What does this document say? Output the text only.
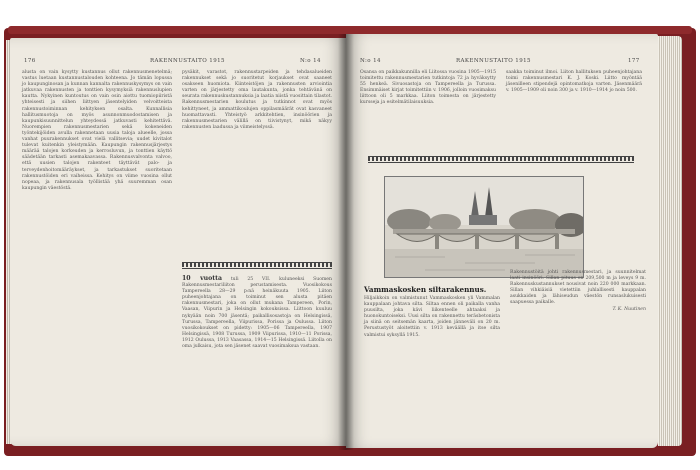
176	RAKENNUSTAITO 1915	N:o 14

alusta on vain kysytty kustannus ollut rakennusmenetelmä; vastus luetaan kustannustalouden kohteena. Jo tämän lopussa jo kaupunginosan ja kunnan kannalta rakennuskysymys on vain jatkuvaa rakennusten ja tonttien kysymyksiä rakennuslupien kautta. Nykyinen kuntoutus on vain osin aiottu tuomiopiiristä yhteisesti ja siihen liittyen jäsentelyiden velvoitteista rakennustoiminnan kehityksen osalta. Kunnallisia hallitusmuotoja on myös asunnonmuodostamisen ja kaupunkisuunnittelun yhteydessä jatkuvasti kehitettävä. Nuorempien rakennusmestarien sekä kokeneiden työntekijöiden avulla rakennetaan uusia taloja alueelle, jossa vanhat puurakennukset ovat vielä vallitsevia; uudet kivitalot tulevat kuitenkin yleistymään. Kaupungin rakennusjärjestys määrää talojen korkeuden ja kerrosluvun, ja tonttien käyttö säädetään tarkasti asemakaavassa. Rakennusvalvonta valvoo, että uusien talojen rakenteet täyttävät palo- ja terveydenhoitomääräykset, ja tarkastukset suoritetaan rakennustöiden eri vaiheissa. Kehitys on viime vuosina ollut nopeaa, ja rakennusala työllistää yhä suuremman osan kaupungin väestöstä.

pysäkit, varastot, rakennustarpeiden ja tehdasalueiden rakennukset sekä jo suoritetut korjaukset ovat saaneet osakseen huomiota. Kiinteistöjen ja rakennusten arviointia varten on järjestetty oma lautakunta, jonka tehtävänä on seurata rakennuskustannuksia ja laatia niistä vuosittain tilastot. Rakennusmestarien koulutus ja tutkinnot ovat myös kehittyneet, ja ammattikoulujen oppilasmäärät ovat kasvaneet huomattavasti. Yhteistyö arkkitehtien, insinöörien ja rakennusmestarien välillä on tiivistynyt, mikä näkyy rakennusten laadussa ja viimeistelyssä.

10 vuotta tuli 25 VII. kuluneeksi Suomen Rakennusmestariliiton perustamisesta. Vuosikokous Tampereella 28—29 p:nä heinäkuuta 1905. Liiton puheenjohtajana on toiminut sen alusta pitäen rakennusmestari, joka on ollut mukana Tampereen, Porin, Vaasan, Viipurin ja Helsingin kokouksissa. Liittoon kuuluu nykyään noin 700 jäsentä; paikallisosastoja on Helsingissä, Turussa, Tampereella, Viipurissa, Porissa ja Oulussa. Liiton vuosikokoukset on pidetty: 1905—06 Tampereella, 1907 Helsingissä, 1908 Turussa, 1909 Viipurissa, 1910—11 Porissa, 1912 Oulussa, 1913 Vaasassa, 1914—15 Helsingissä. Liitolla on oma julkaisu, jota sen jäsenet saavat vuosimaksua vastaan.

N:o 14	RAKENNUSTAITO 1915	177

Osansa on paikkakunnilla eli Liitossa vuosina 1905—1915 toimitettu rakennusmestarien tutkintoja 72 ja hyväksytty 55 henkeä. Sivuosastoja on Tampereella ja Turussa. Ensimmäiset kirjat toimitettiin v. 1906, jolloin vuosimaksu liittoon oli 5 markkaa. Liiton toimesta on järjestetty kursseja ja esitelmätilaisuuksia.

saakka toiminut ilmoi. Liiton hallituksen puheenjohtajana toimi rakennusmestari K. J. Koski. Liitto myöntää jäsenilleen stipendejä opintomatkoja varten. Jäsenmäärä v. 1905—1909 oli noin 300 ja v. 1910—1914 jo noin 500.

Vammaskosken siltarakennus.

Hiljaikkoin on valmistunut Vammaskosken yli Vammalan kauppalaan johtava silta. Siltaa ennen oli paikalla vanha puusilta, joka kävi liikenteelle ahtaaksi ja huonokuntoiseksi. Uusi silta on rakennettu teräsbetonista ja siinä on seitsemän kaarta, joiden jänneväli on 20 m. Perustustyöt aloitettiin v. 1913 keväällä ja itse silta valmistui syksyllä 1915.

Rakennustöitä johti rakennusmestari, ja suunnitelmat laati insinööri. Sillan pituus on 209,500 m ja leveys 9 m. Rakennuskustannukset nousivat noin 220 000 markkaan. Sillan vihkiäisiä vietettiin juhlallisesti kauppalan asukkaiden ja lähiseudun väestön runsaslukuisesti saapuessa paikalle.

T. K. Nuutinen
